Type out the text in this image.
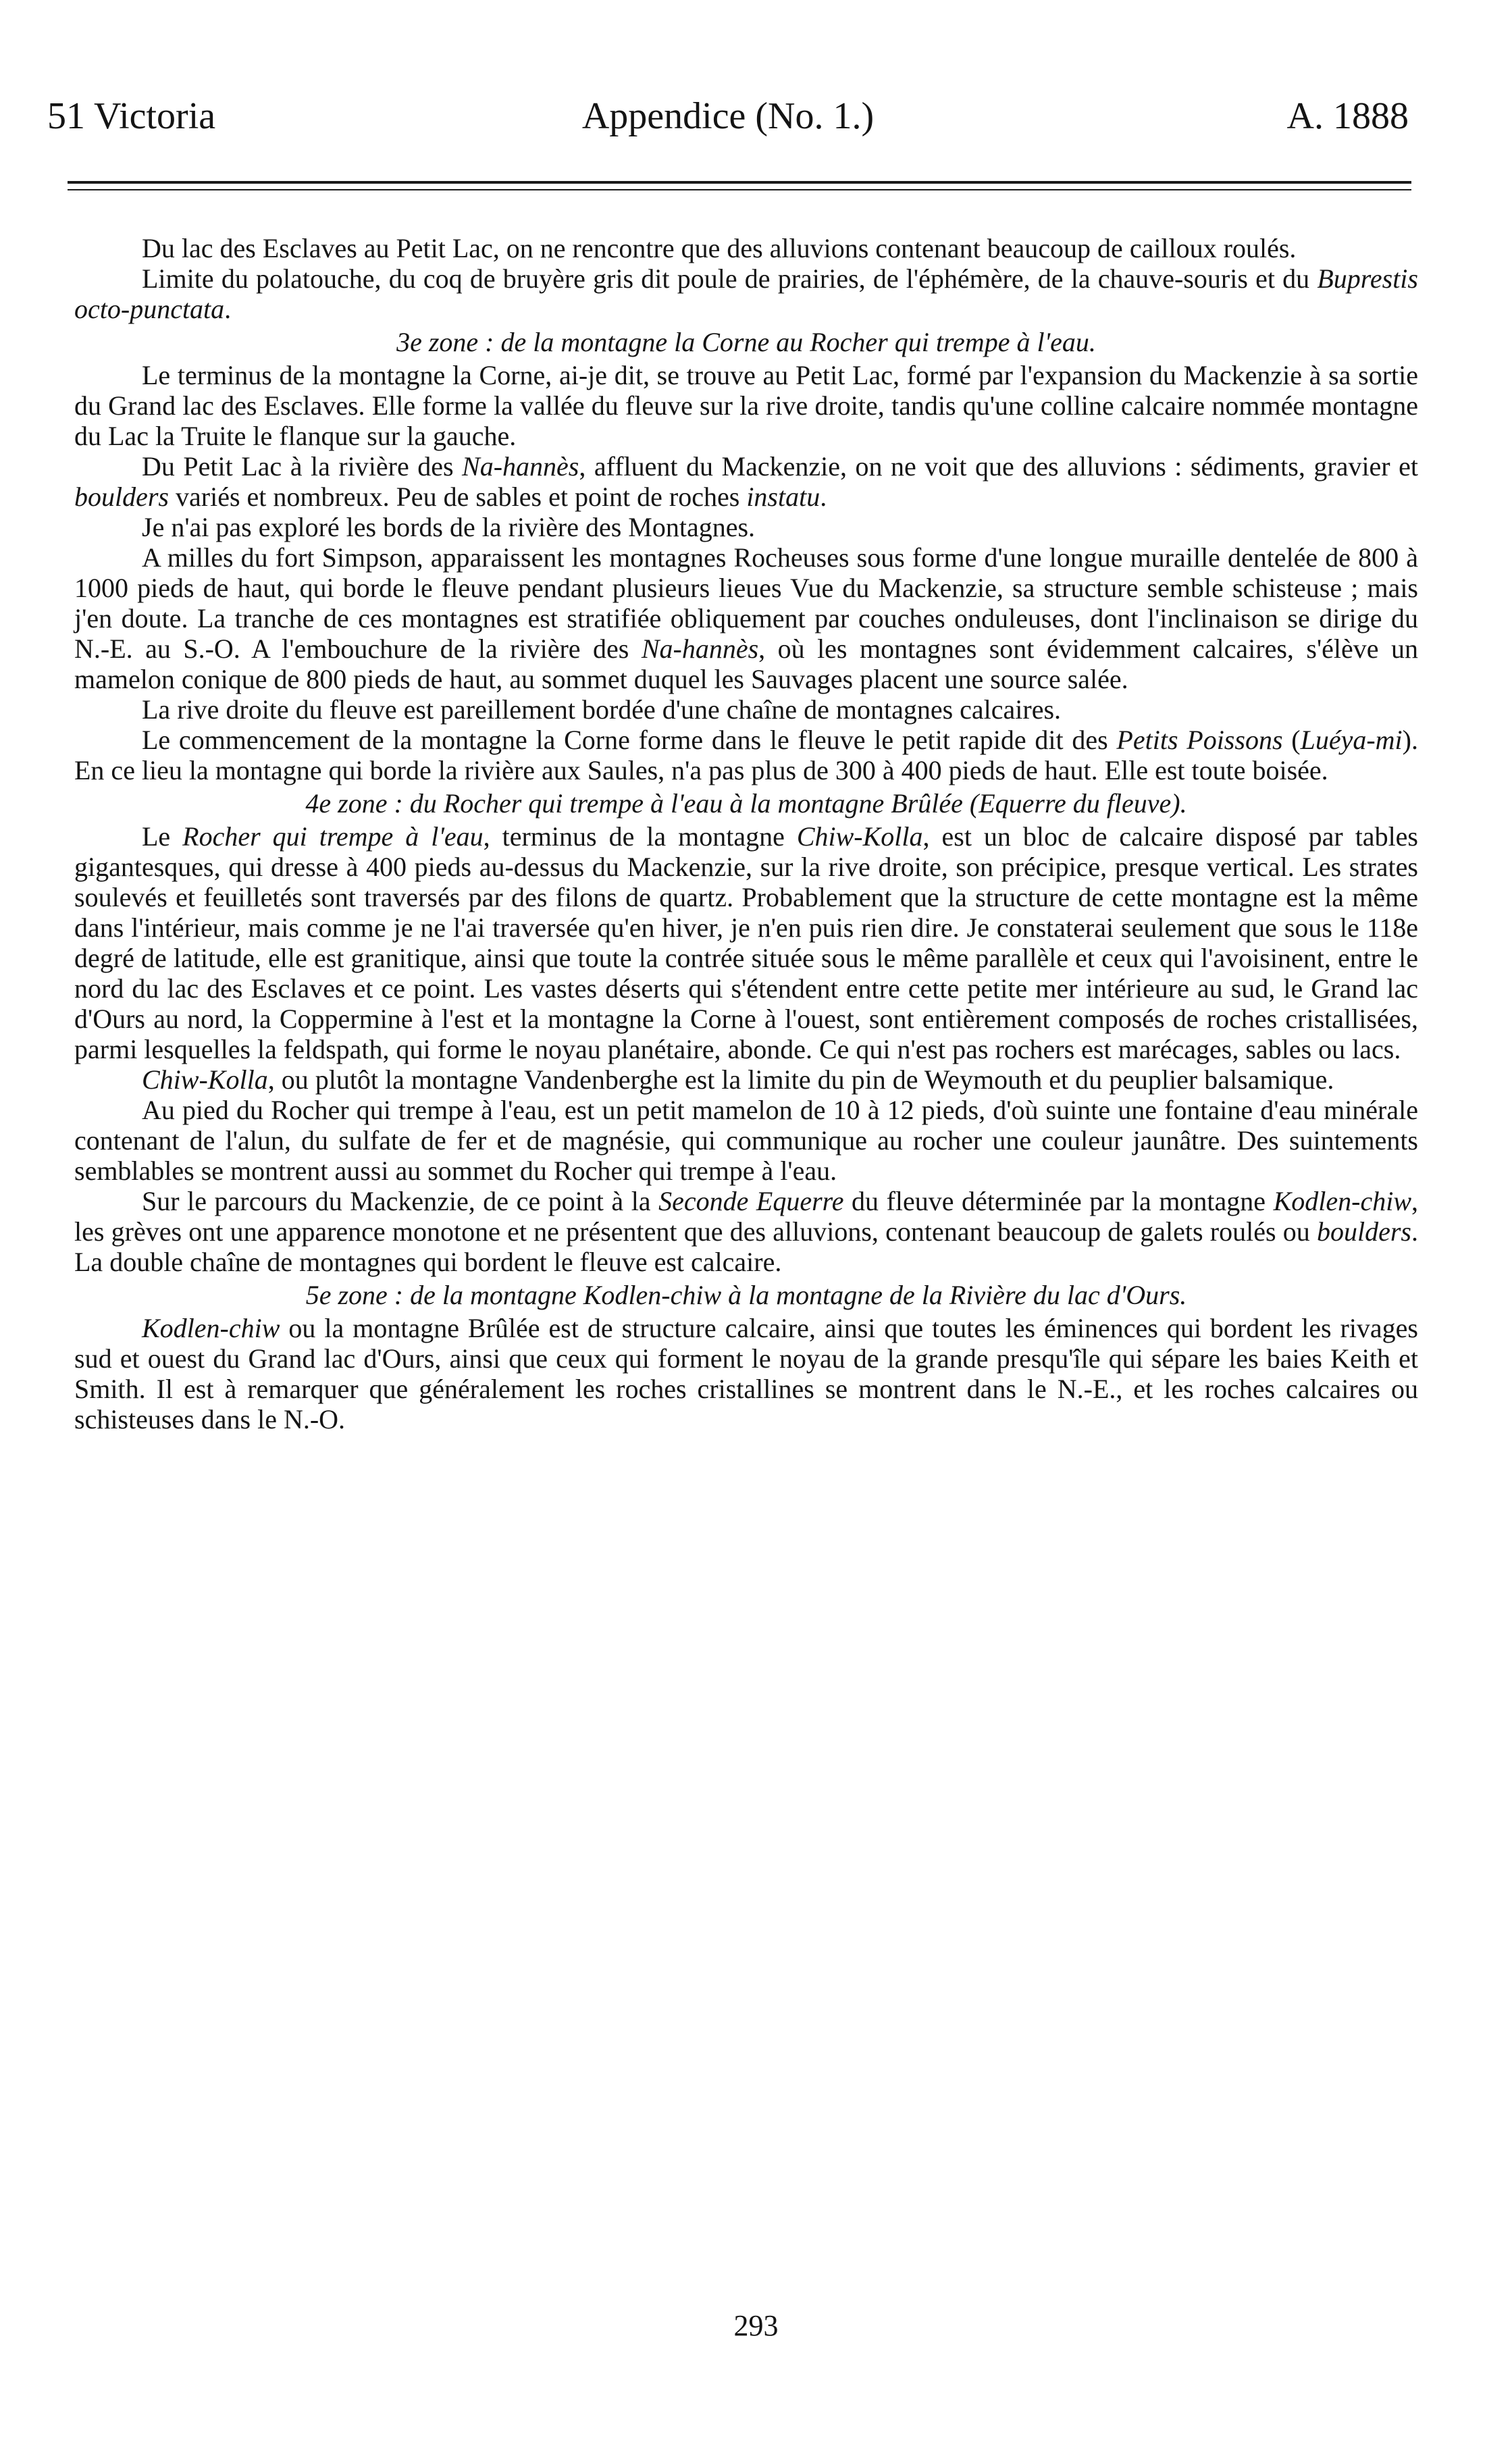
51 Victoria	Appendice (No. 1.)	A. 1888

Du lac des Esclaves au Petit Lac, on ne rencontre que des alluvions contenant beaucoup de cailloux roulés.

Limite du polatouche, du coq de bruyère gris dit poule de prairies, de l'éphémère, de la chauve-souris et du Buprestis octo-punctata.

3e zone : de la montagne la Corne au Rocher qui trempe à l'eau.

Le terminus de la montagne la Corne, ai-je dit, se trouve au Petit Lac, formé par l'expansion du Mackenzie à sa sortie du Grand lac des Esclaves. Elle forme la vallée du fleuve sur la rive droite, tandis qu'une colline calcaire nommée montagne du Lac la Truite le flanque sur la gauche.

Du Petit Lac à la rivière des Na-hannès, affluent du Mackenzie, on ne voit que des alluvions : sédiments, gravier et boulders variés et nombreux. Peu de sables et point de roches instatu.

Je n'ai pas exploré les bords de la rivière des Montagnes.

A milles du fort Simpson, apparaissent les montagnes Rocheuses sous forme d'une longue muraille dentelée de 800 à 1000 pieds de haut, qui borde le fleuve pendant plusieurs lieues Vue du Mackenzie, sa structure semble schisteuse ; mais j'en doute. La tranche de ces montagnes est stratifiée obliquement par couches onduleuses, dont l'inclinaison se dirige du N.-E. au S.-O. A l'embouchure de la rivière des Na-hannès, où les montagnes sont évidemment calcaires, s'élève un mamelon conique de 800 pieds de haut, au sommet duquel les Sauvages placent une source salée.

La rive droite du fleuve est pareillement bordée d'une chaîne de montagnes calcaires.

Le commencement de la montagne la Corne forme dans le fleuve le petit rapide dit des Petits Poissons (Luéya-mi). En ce lieu la montagne qui borde la rivière aux Saules, n'a pas plus de 300 à 400 pieds de haut. Elle est toute boisée.

4e zone : du Rocher qui trempe à l'eau à la montagne Brûlée (Equerre du fleuve).

Le Rocher qui trempe à l'eau, terminus de la montagne Chiw-Kolla, est un bloc de calcaire disposé par tables gigantesques, qui dresse à 400 pieds au-dessus du Mackenzie, sur la rive droite, son précipice, presque vertical. Les strates soulevés et feuilletés sont traversés par des filons de quartz. Probablement que la structure de cette montagne est la même dans l'intérieur, mais comme je ne l'ai traversée qu'en hiver, je n'en puis rien dire. Je constaterai seulement que sous le 118e degré de latitude, elle est granitique, ainsi que toute la contrée située sous le même parallèle et ceux qui l'avoisinent, entre le nord du lac des Esclaves et ce point. Les vastes déserts qui s'étendent entre cette petite mer intérieure au sud, le Grand lac d'Ours au nord, la Coppermine à l'est et la montagne la Corne à l'ouest, sont entièrement composés de roches cristallisées, parmi lesquelles la feldspath, qui forme le noyau planétaire, abonde. Ce qui n'est pas rochers est marécages, sables ou lacs.

Chiw-Kolla, ou plutôt la montagne Vandenberghe est la limite du pin de Weymouth et du peuplier balsamique.

Au pied du Rocher qui trempe à l'eau, est un petit mamelon de 10 à 12 pieds, d'où suinte une fontaine d'eau minérale contenant de l'alun, du sulfate de fer et de magnésie, qui communique au rocher une couleur jaunâtre. Des suintements semblables se montrent aussi au sommet du Rocher qui trempe à l'eau.

Sur le parcours du Mackenzie, de ce point à la Seconde Equerre du fleuve déterminée par la montagne Kodlen-chiw, les grèves ont une apparence monotone et ne présentent que des alluvions, contenant beaucoup de galets roulés ou boulders. La double chaîne de montagnes qui bordent le fleuve est calcaire.

5e zone : de la montagne Kodlen-chiw à la montagne de la Rivière du lac d'Ours.

Kodlen-chiw ou la montagne Brûlée est de structure calcaire, ainsi que toutes les éminences qui bordent les rivages sud et ouest du Grand lac d'Ours, ainsi que ceux qui forment le noyau de la grande presqu'île qui sépare les baies Keith et Smith. Il est à remarquer que généralement les roches cristallines se montrent dans le N.-E., et les roches calcaires ou schisteuses dans le N.-O.

293
